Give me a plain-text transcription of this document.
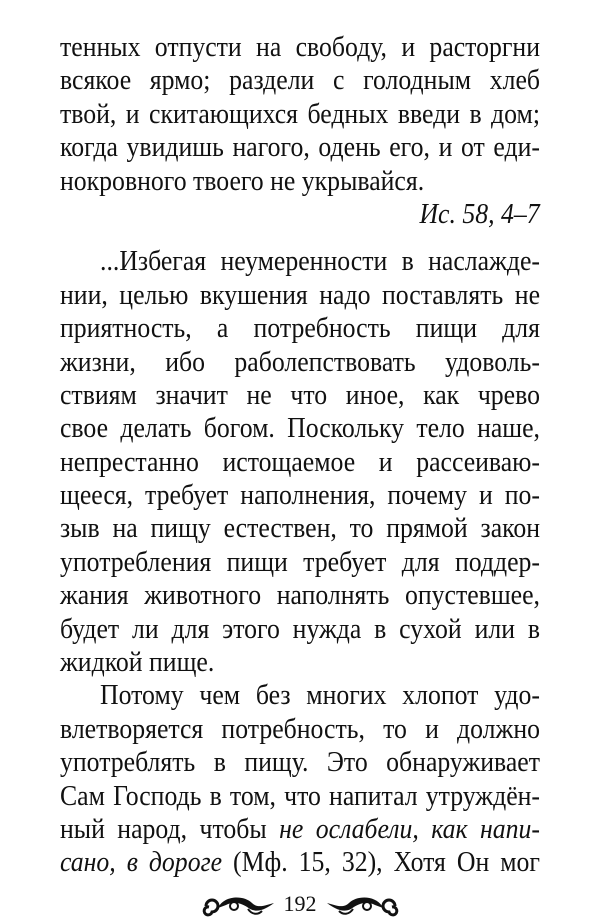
тенных отпусти на свободу, и расторгни
всякое ярмо; раздели с голодным хлеб
твой, и скитающихся бедных введи в дом;
когда увидишь нагого, одень его, и от еди-
нокровного твоего не укрывайся.
Ис. 58, 4–7
...Избегая неумеренности в наслажде-
нии, целью вкушения надо поставлять не
приятность, а потребность пищи для
жизни, ибо раболепствовать удоволь-
ствиям значит не что иное, как чрево
свое делать богом. Поскольку тело наше,
непрестанно истощаемое и рассеиваю-
щееся, требует наполнения, почему и по-
зыв на пищу естествен, то прямой закон
употребления пищи требует для поддер-
жания животного наполнять опустевшее,
будет ли для этого нужда в сухой или в
жидкой пище.
Потому чем без многих хлопот удо-
влетворяется потребность, то и должно
употреблять в пищу. Это обнаруживает
Сам Господь в том, что напитал утруждён-
ный народ, чтобы не ослабели, как напи-
сано, в дороге (Мф. 15, 32), Хотя Он мог
192
